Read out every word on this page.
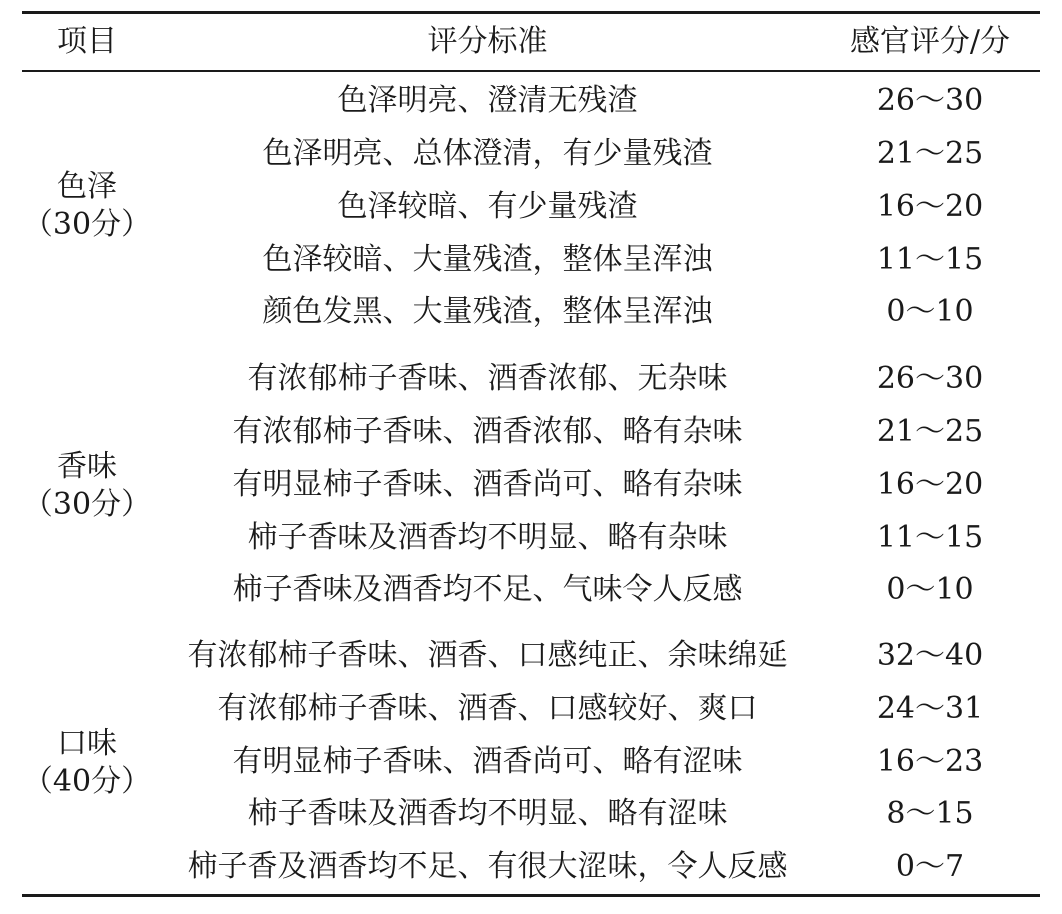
项目	评分标准	感官评分/分
色泽
（30分）
色泽明亮、澄清无残渣	26～30
色泽明亮、总体澄清，有少量残渣	21～25
色泽较暗、有少量残渣	16～20
色泽较暗、大量残渣，整体呈浑浊	11～15
颜色发黑、大量残渣，整体呈浑浊	0～10
香味
（30分）
有浓郁柿子香味、酒香浓郁、无杂味	26～30
有浓郁柿子香味、酒香浓郁、略有杂味	21～25
有明显柿子香味、酒香尚可、略有杂味	16～20
柿子香味及酒香均不明显、略有杂味	11～15
柿子香味及酒香均不足、气味令人反感	0～10
口味
（40分）
有浓郁柿子香味、酒香、口感纯正、余味绵延	32～40
有浓郁柿子香味、酒香、口感较好、爽口	24～31
有明显柿子香味、酒香尚可、略有涩味	16～23
柿子香味及酒香均不明显、略有涩味	8～15
柿子香及酒香均不足、有很大涩味，令人反感	0～7
